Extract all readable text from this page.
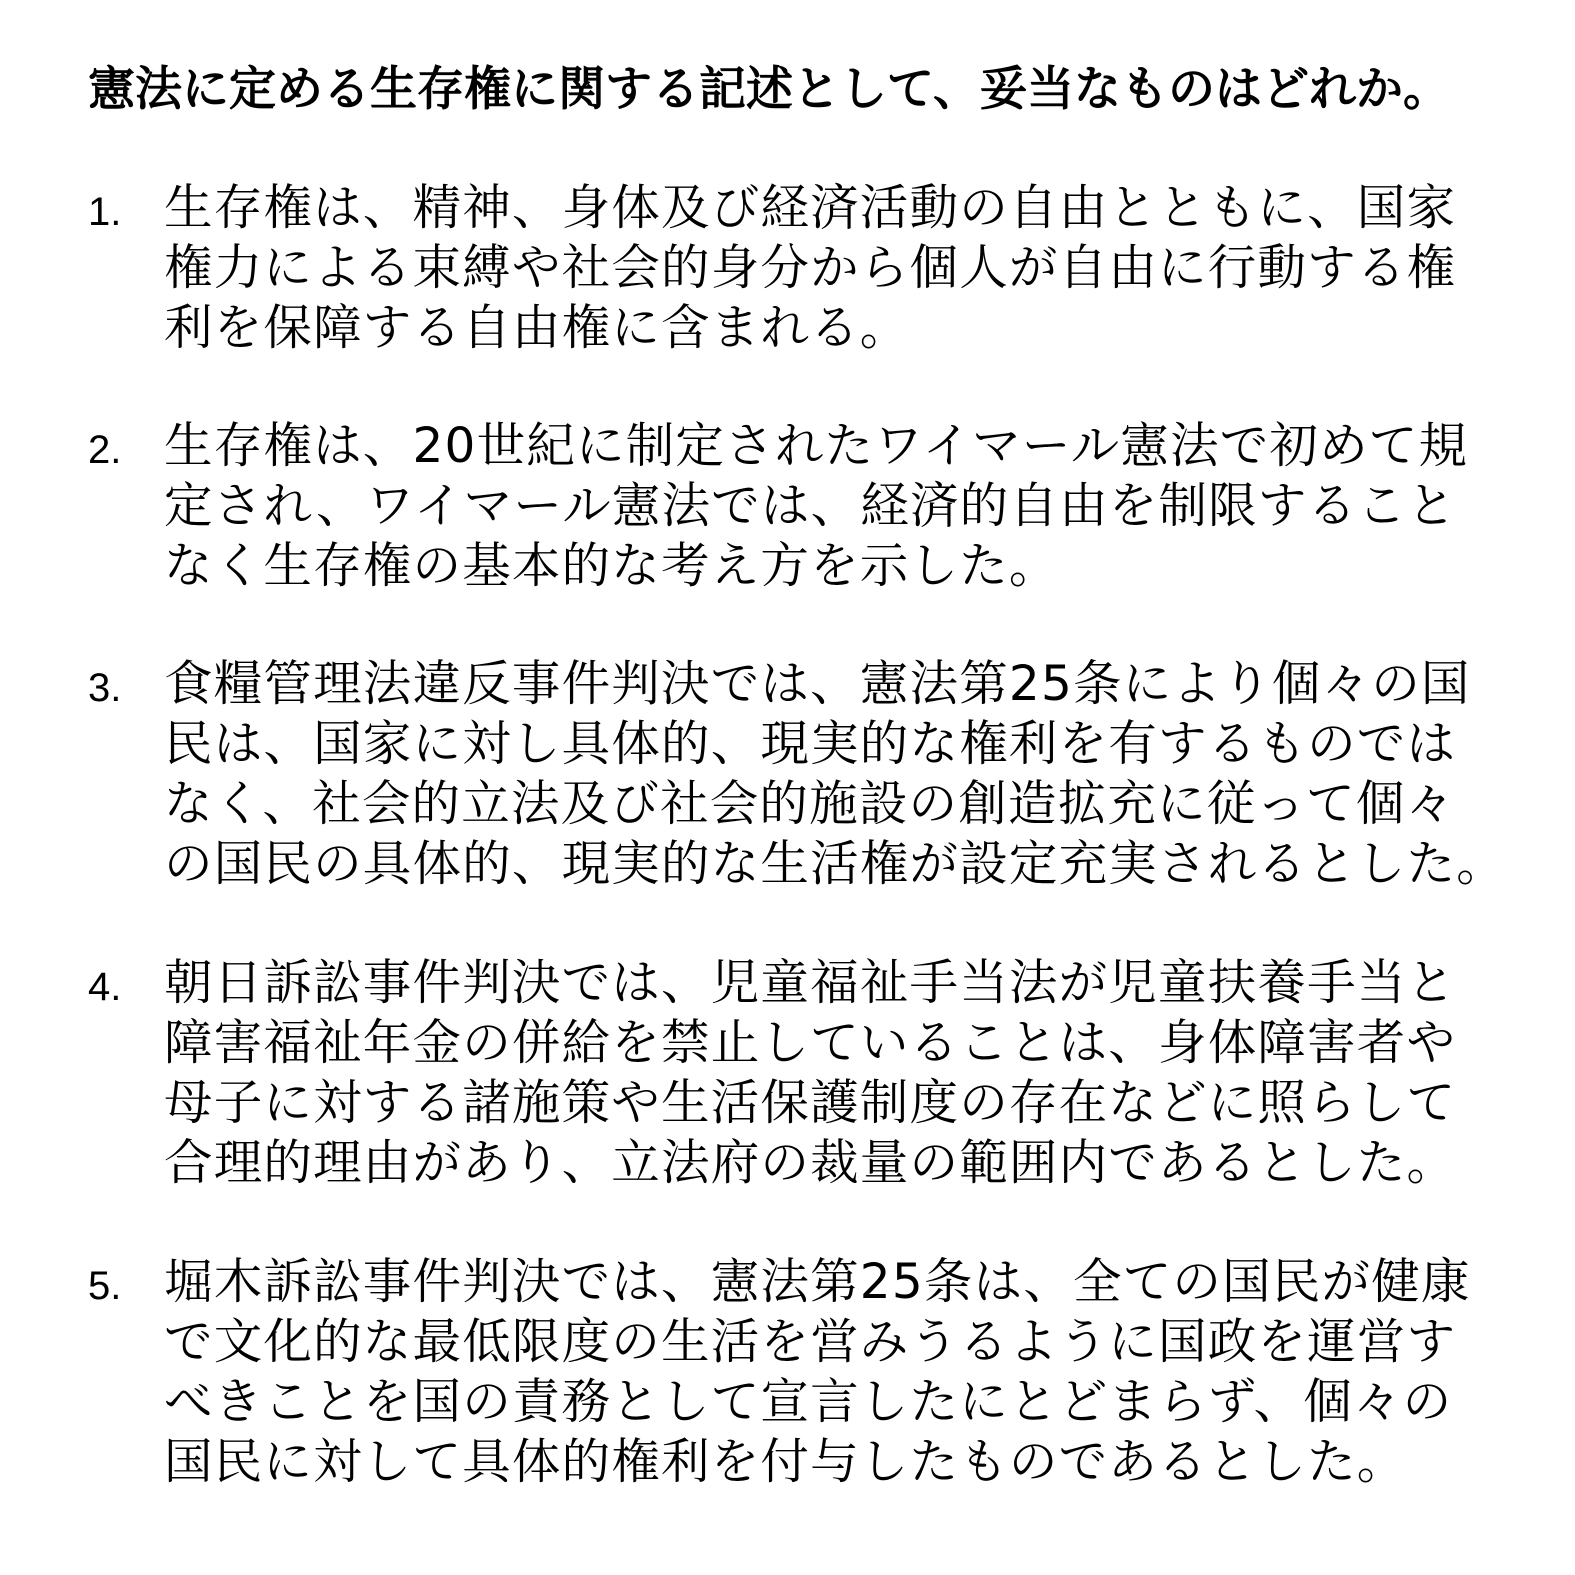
憲法に定める生存権に関する記述として、妥当なものはどれか。
1. 生存権は、精神、身体及び経済活動の自由とともに、国家
権力による束縛や社会的身分から個人が自由に行動する権
利を保障する自由権に含まれる。
2. 生存権は、20世紀に制定されたワイマール憲法で初めて規
定され、ワイマール憲法では、経済的自由を制限すること
なく生存権の基本的な考え方を示した。
3. 食糧管理法違反事件判決では、憲法第25条により個々の国
民は、国家に対し具体的、現実的な権利を有するものでは
なく、社会的立法及び社会的施設の創造拡充に従って個々
の国民の具体的、現実的な生活権が設定充実されるとした。
4. 朝日訴訟事件判決では、児童福祉手当法が児童扶養手当と
障害福祉年金の併給を禁止していることは、身体障害者や
母子に対する諸施策や生活保護制度の存在などに照らして
合理的理由があり、立法府の裁量の範囲内であるとした。
5. 堀木訴訟事件判決では、憲法第25条は、全ての国民が健康
で文化的な最低限度の生活を営みうるように国政を運営す
べきことを国の責務として宣言したにとどまらず、個々の
国民に対して具体的権利を付与したものであるとした。
